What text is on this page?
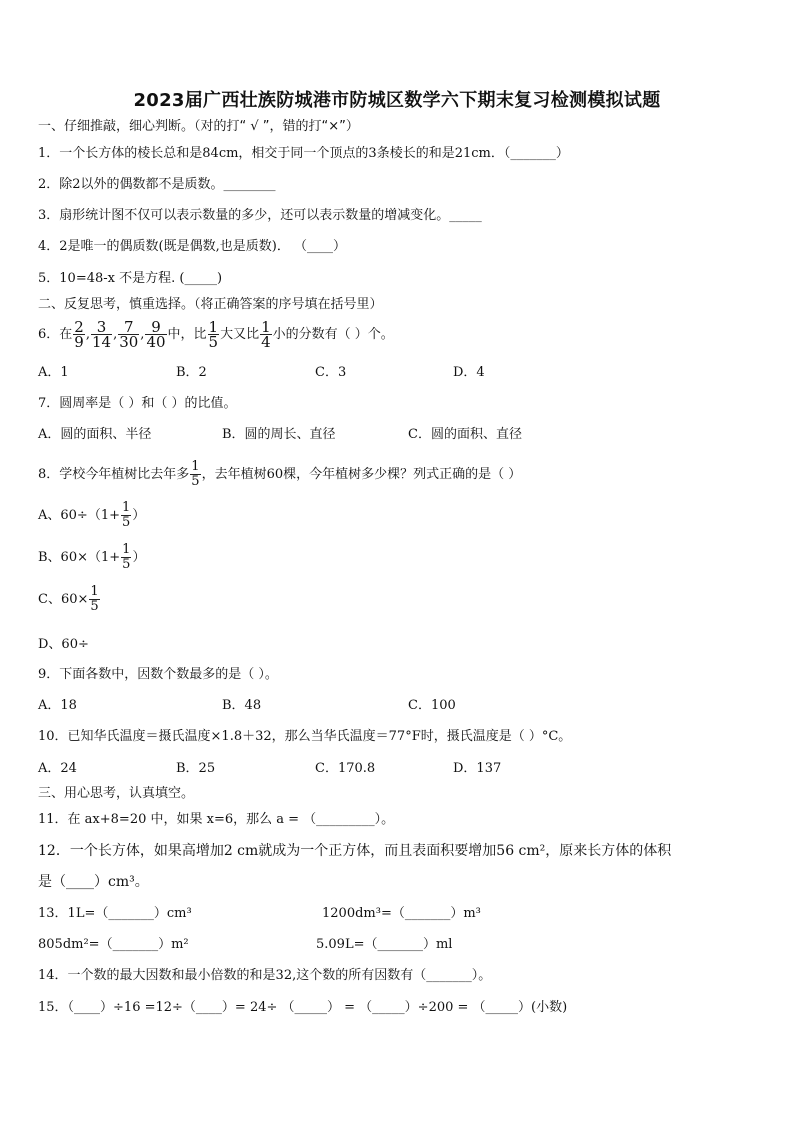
2023届广西壮族防城港市防城区数学六下期末复习检测模拟试题
一、仔细推敲，细心判断。（对的打“ √ ”，错的打“×”）
1．一个长方体的棱长总和是84cm，相交于同一个顶点的3条棱长的和是21cm．（_______）
2．除2以外的偶数都不是质数。________
3．扇形统计图不仅可以表示数量的多少，还可以表示数量的增减变化。_____
4．2是唯一的偶质数(既是偶数,也是质数)． （____）
5．10=48-x 不是方程. (_____)
二、反复思考，慎重选择。（将正确答案的序号填在括号里）
6．在 $\frac{2}{9}$ , $\frac{3}{14}$ , $\frac{7}{30}$ , $\frac{9}{40}$ 中，比 $\frac{1}{5}$ 大又比 $\frac{1}{4}$ 小的分数有（ ）个。
A．1	B．2	C．3	D．4
7．圆周率是（ ）和（ ）的比值。
A．圆的面积、半径	B．圆的周长、直径	C．圆的面积、直径
8．学校今年植树比去年多 $\frac{1}{5}$ ，去年植树60棵，今年植树多少棵？列式正确的是（ ）
A、$60\div(1+ \frac{1}{5}$ ）
B、$60\times(1+ \frac{1}{5}$ ）
C、$60\times \frac{1}{5}$
D、60÷
9．下面各数中，因数个数最多的是（ ）。
A．18	B．48	C．100
10．已知华氏温度＝摄氏温度×1.8＋32，那么当华氏温度＝77°F时，摄氏温度是（ ）°C。
A．24	B．25	C．170.8	D．137
三、用心思考，认真填空。
11．在 ax+8=20 中，如果 x=6，那么 a = （_________）。
12．一个长方体，如果高增加2 cm就成为一个正方体，而且表面积要增加56 cm²，原来长方体的体积
是（____）cm³。
13．1L=（_______）cm³	1200dm³=（_______）m³
805dm²=（_______）m²	5.09L=（_______）ml
14．一个数的最大因数和最小倍数的和是32,这个数的所有因数有（_______）。
15．（____）÷16 =12÷（____）= 24÷ （_____） = （_____）÷200 = （_____）(小数)
